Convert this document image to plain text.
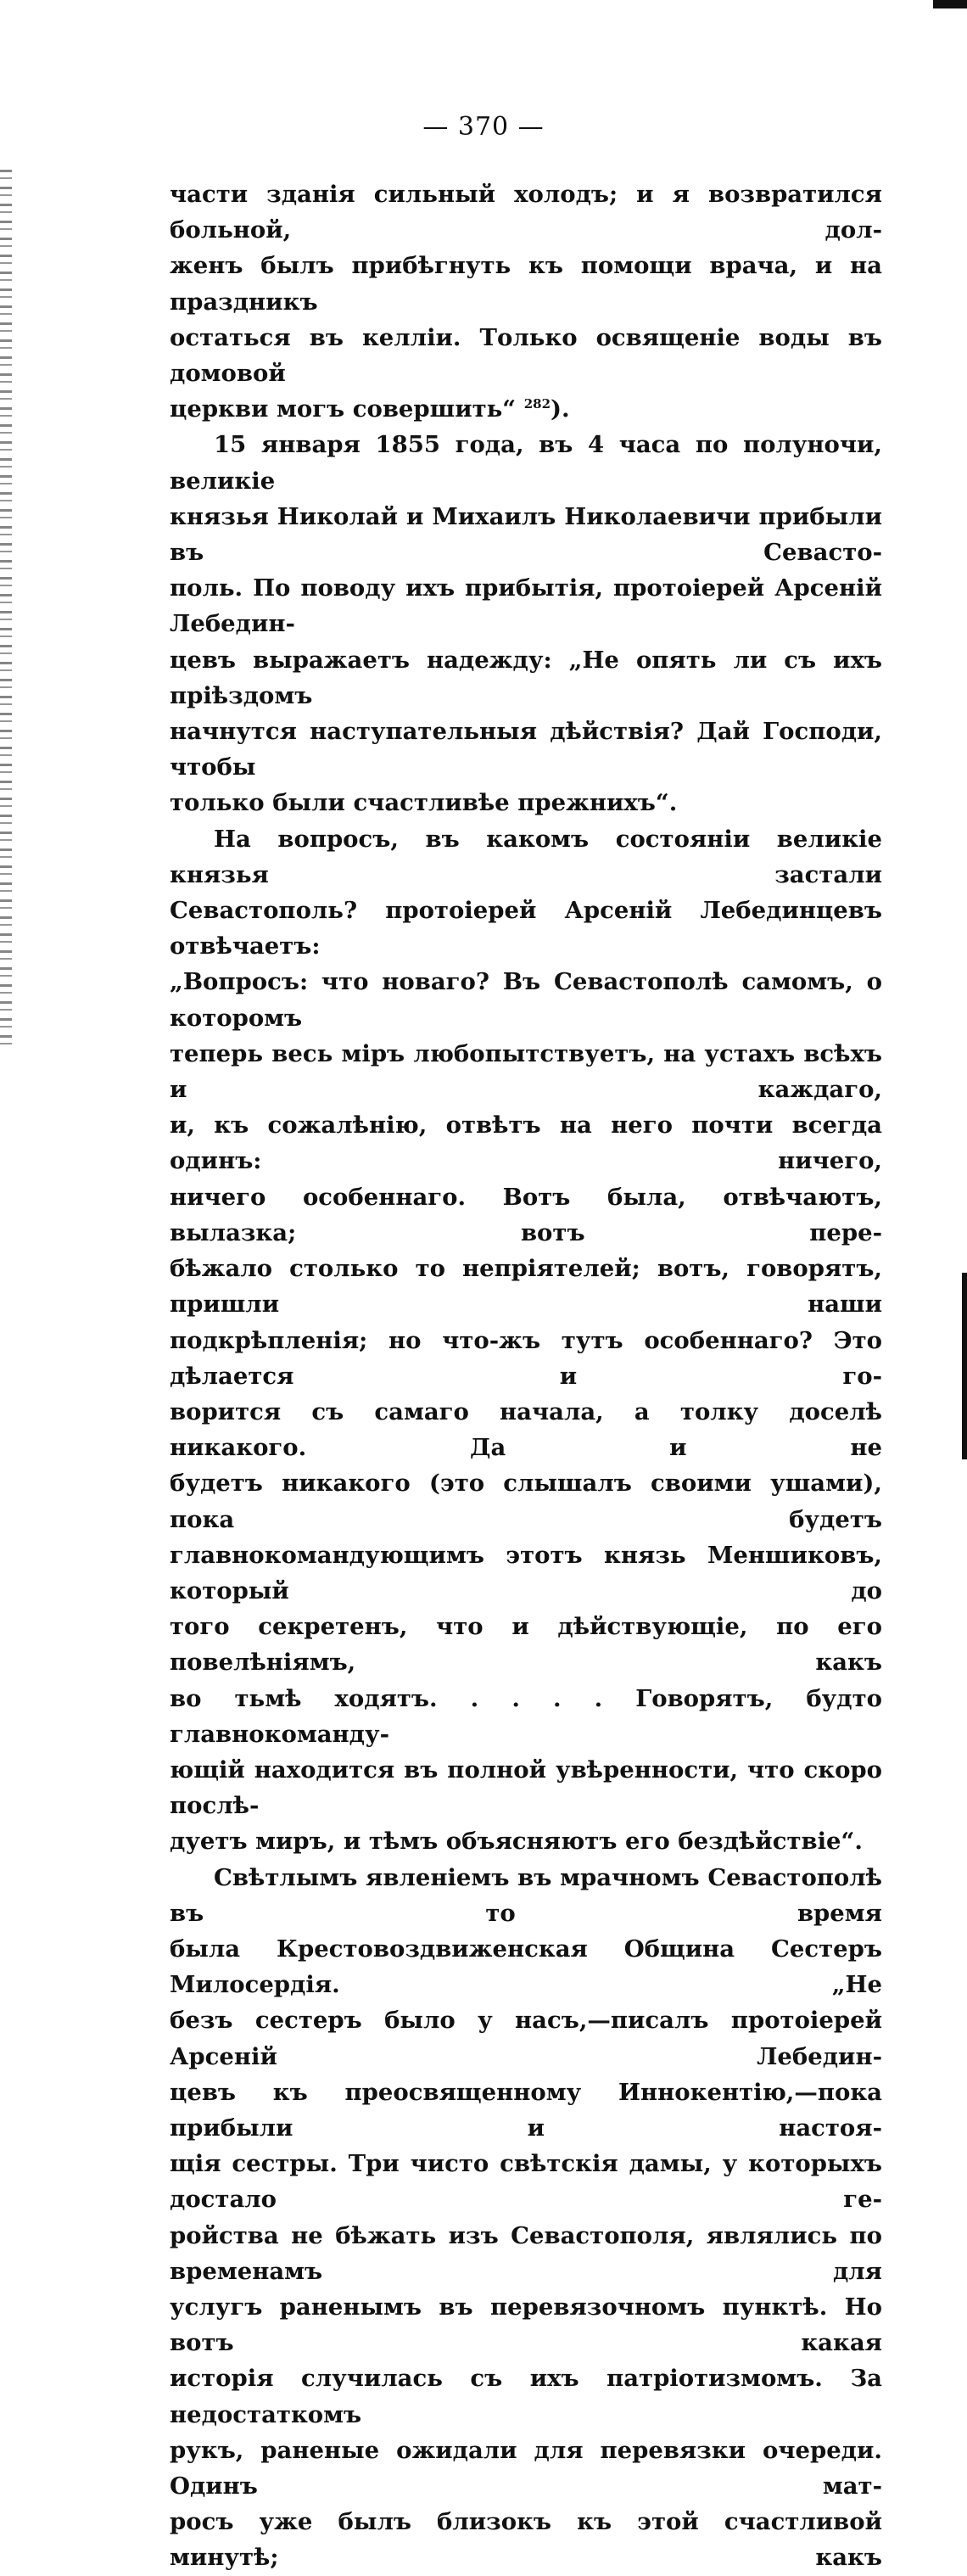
— 370 —

части зданія сильный холодъ; и я возвратился больной, дол-
женъ былъ прибѣгнуть къ помощи врача, и на праздникъ
остаться въ келліи. Только освященіе воды въ домовой
церкви могъ совершить“ $^{282}$).

15 января 1855 года, въ 4 часа по полуночи, великіе
князья Николай и Михаилъ Николаевичи прибыли въ Севасто-
поль. По поводу ихъ прибытія, протоіерей Арсеній Лебедин-
цевъ выражаетъ надежду: „Не опять ли съ ихъ пріѣздомъ
начнутся наступательныя дѣйствія? Дай Господи, чтобы
только были счастливѣе прежнихъ“.

На вопросъ, въ какомъ состояніи великіе князья застали
Севастополь? протоіерей Арсеній Лебединцевъ отвѣчаетъ:
„Вопросъ: что новаго? Въ Севастополѣ самомъ, о которомъ
теперь весь міръ любопытствуетъ, на устахъ всѣхъ и каждаго,
и, къ сожалѣнію, отвѣтъ на него почти всегда одинъ: ничего,
ничего особеннаго. Вотъ была, отвѣчаютъ, вылазка; вотъ пере-
бѣжало столько то непріятелей; вотъ, говорятъ, пришли наши
подкрѣпленія; но что-жъ тутъ особеннаго? Это дѣлается и го-
ворится съ самаго начала, а толку доселѣ никакого. Да и не
будетъ никакого (это слышалъ своими ушами), пока будетъ
главнокомандующимъ этотъ князь Меншиковъ, который до
того секретенъ, что и дѣйствующіе, по его повелѣніямъ, какъ
во тьмѣ ходятъ. . . . . Говорятъ, будто главнокоманду-
ющій находится въ полной увѣренности, что скоро послѣ-
дуетъ миръ, и тѣмъ объясняютъ его бездѣйствіе“.

Свѣтлымъ явленіемъ въ мрачномъ Севастополѣ въ то время
была Крестовоздвиженская Община Сестеръ Милосердія. „Не
безъ сестеръ было у насъ,—писалъ протоіерей Арсеній Лебедин-
цевъ къ преосвященному Иннокентію,—пока прибыли и настоя-
щія сестры. Три чисто свѣтскія дамы, у которыхъ достало ге-
ройства не бѣжать изъ Севастополя, являлись по временамъ для
услугъ раненымъ въ перевязочномъ пунктѣ. Но вотъ какая
исторія случилась съ ихъ патріотизмомъ. За недостаткомъ
рукъ, раненые ожидали для перевязки очереди. Одинъ мат-
росъ уже былъ близокъ къ этой счастливой минутѣ; какъ
